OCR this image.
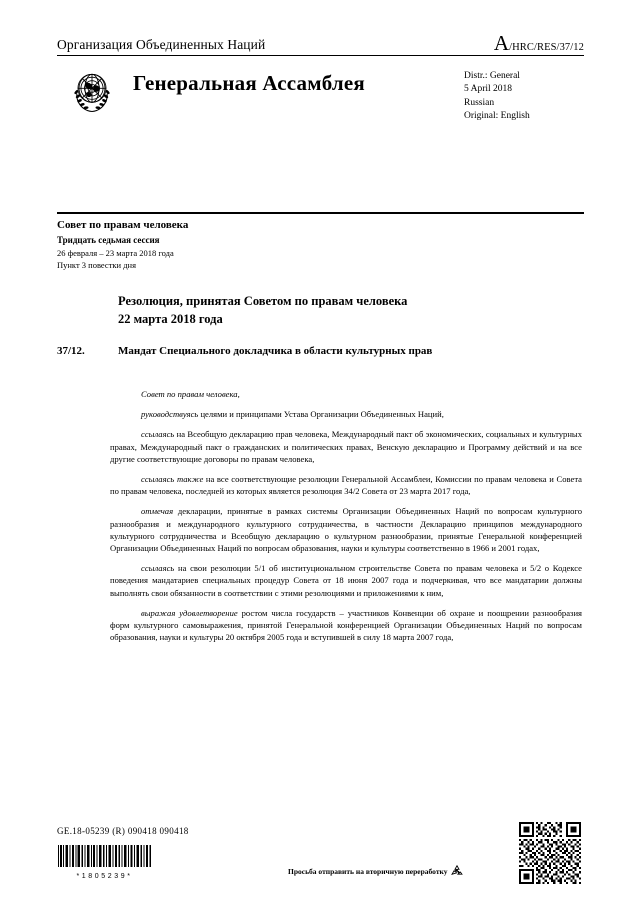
Организация Объединенных Наций	A /HRC/RES/37/12
Генеральная Ассамблея	Distr.: General
5 April 2018
Russian
Original: English
Совет по правам человека
Тридцать седьмая сессия
26 февраля – 23 марта 2018 года
Пункт 3 повестки дня
Резолюция, принятая Советом по правам человека
22 марта 2018 года
37/12.	Мандат Специального докладчика в области культурных прав

Совет по правам человека,

руководствуясь целями и принципами Устава Организации Объединенных Наций,

ссылаясь на Всеобщую декларацию прав человека, Международный пакт об экономических, социальных и культурных правах, Международный пакт о гражданских и политических правах, Венскую декларацию и Программу действий и на все другие соответствующие договоры по правам человека,

ссылаясь также на все соответствующие резолюции Генеральной Ассамблеи, Комиссии по правам человека и Совета по правам человека, последней из которых является резолюция 34/2 Совета от 23 марта 2017 года,

отмечая декларации, принятые в рамках системы Организации Объединенных Наций по вопросам культурного разнообразия и международного культурного сотрудничества, в частности Декларацию принципов международного культурного сотрудничества и Всеобщую декларацию о культурном разнообразии, принятые Генеральной конференцией Организации Объединенных Наций по вопросам образования, науки и культуры соответственно в 1966 и 2001 годах,

ссылаясь на свои резолюции 5/1 об институциональном строительстве Совета по правам человека и 5/2 о Кодексе поведения мандатариев специальных процедур Совета от 18 июня 2007 года и подчеркивая, что все мандатарии должны выполнять свои обязанности в соответствии с этими резолюциями и приложениями к ним,

выражая удовлетворение ростом числа государств – участников Конвенции об охране и поощрении разнообразия форм культурного самовыражения, принятой Генеральной конференцией Организации Объединенных Наций по вопросам образования, науки и культуры 20 октября 2005 года и вступившей в силу 18 марта 2007 года,

GE.18-05239 (R) 090418 090418
*1805239*
Просьба отправить на вторичную переработку
